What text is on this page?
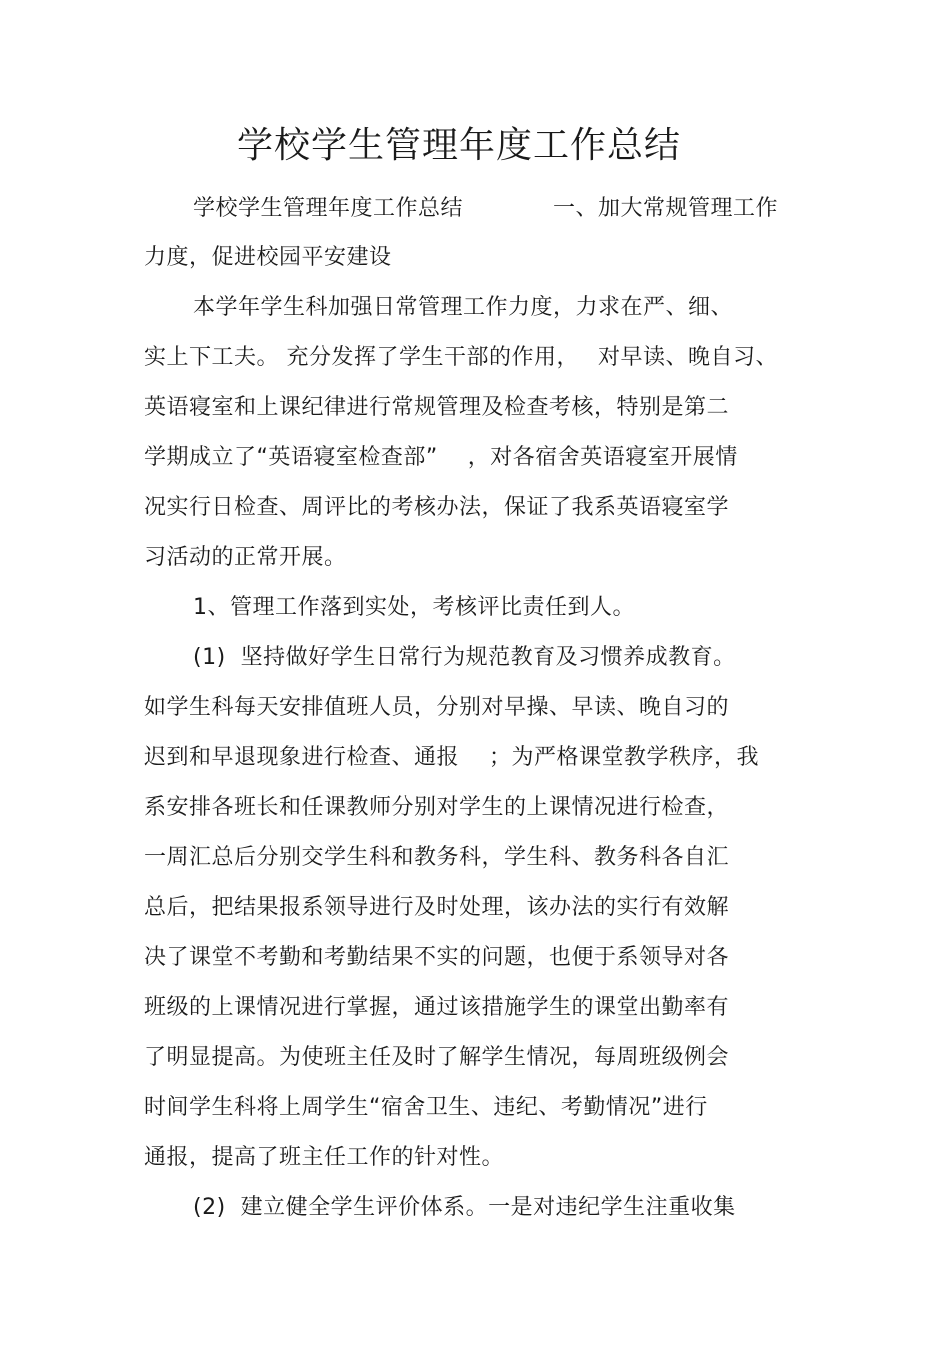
学校学生管理年度工作总结
学校学生管理年度工作总结　　　　一、加大常规管理工作
力度，促进校园平安建设
本学年学生科加强日常管理工作力度，力求在严、细、
实上下工夫。 充分发挥了学生干部的作用，　 对早读、晚自习、
英语寝室和上课纪律进行常规管理及检查考核，特别是第二
学期成立了“英语寝室检查部”　 ，对各宿舍英语寝室开展情
况实行日检查、周评比的考核办法，保证了我系英语寝室学
习活动的正常开展。
1、管理工作落到实处，考核评比责任到人。
(1)  坚持做好学生日常行为规范教育及习惯养成教育。
如学生科每天安排值班人员，分别对早操、早读、晚自习的
迟到和早退现象进行检查、通报　 ；为严格课堂教学秩序，我
系安排各班长和任课教师分别对学生的上课情况进行检查，
一周汇总后分别交学生科和教务科，学生科、教务科各自汇
总后，把结果报系领导进行及时处理，该办法的实行有效解
决了课堂不考勤和考勤结果不实的问题，也便于系领导对各
班级的上课情况进行掌握，通过该措施学生的课堂出勤率有
了明显提高。为使班主任及时了解学生情况，每周班级例会
时间学生科将上周学生“宿舍卫生、违纪、考勤情况”进行
通报，提高了班主任工作的针对性。
(2)  建立健全学生评价体系。一是对违纪学生注重收集
